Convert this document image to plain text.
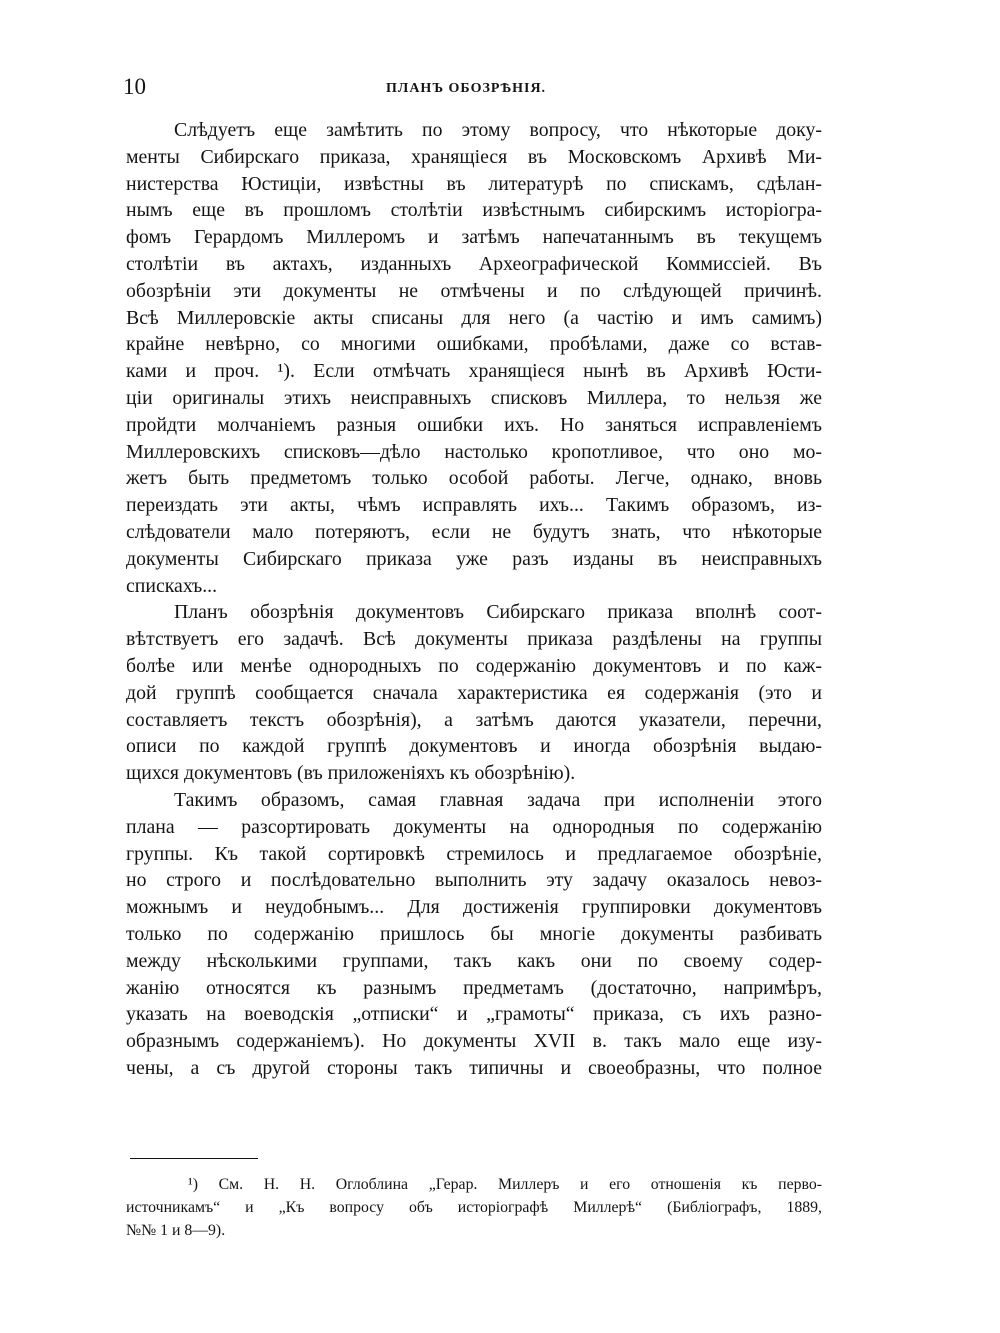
10	ПЛАНЪ ОБОЗРѢНІЯ.
Слѣдуетъ еще замѣтить по этому вопросу, что нѣкоторые доку-
менты Сибирскаго приказа, хранящіеся въ Московскомъ Архивѣ Ми-
нистерства Юстиціи, извѣстны въ литературѣ по спискамъ, сдѣлан-
нымъ еще въ прошломъ столѣтіи извѣстнымъ сибирскимъ исторіогра-
фомъ Герардомъ Миллеромъ и затѣмъ напечатаннымъ въ текущемъ
столѣтіи въ актахъ, изданныхъ Археографической Коммиссіей. Въ
обозрѣніи эти документы не отмѣчены и по слѣдующей причинѣ.
Всѣ Миллеровскіе акты списаны для него (а частію и имъ самимъ)
крайне невѣрно, со многими ошибками, пробѣлами, даже со встав-
ками и проч. ¹). Если отмѣчать хранящіеся нынѣ въ Архивѣ Юсти-
ціи оригиналы этихъ неисправныхъ списковъ Миллера, то нельзя же
пройдти молчаніемъ разныя ошибки ихъ. Но заняться исправленіемъ
Миллеровскихъ списковъ—дѣло настолько кропотливое, что оно мо-
жетъ быть предметомъ только особой работы. Легче, однако, вновь
переиздать эти акты, чѣмъ исправлять ихъ... Такимъ образомъ, из-
слѣдователи мало потеряютъ, если не будутъ знать, что нѣкоторые
документы Сибирскаго приказа уже разъ изданы въ неисправныхъ
спискахъ...
Планъ обозрѣнія документовъ Сибирскаго приказа вполнѣ соот-
вѣтствуетъ его задачѣ. Всѣ документы приказа раздѣлены на группы
болѣе или менѣе однородныхъ по содержанію документовъ и по каж-
дой группѣ сообщается сначала характеристика ея содержанія (это и
составляетъ текстъ обозрѣнія), а затѣмъ даются указатели, перечни,
описи по каждой группѣ документовъ и иногда обозрѣнія выдаю-
щихся документовъ (въ приложеніяхъ къ обозрѣнію).
Такимъ образомъ, самая главная задача при исполненіи этого
плана — разсортировать документы на однородныя по содержанію
группы. Къ такой сортировкѣ стремилось и предлагаемое обозрѣніе,
но строго и послѣдовательно выполнить эту задачу оказалось невоз-
можнымъ и неудобнымъ... Для достиженія группировки документовъ
только по содержанію пришлось бы многіе документы разбивать
между нѣсколькими группами, такъ какъ они по своему содер-
жанію относятся къ разнымъ предметамъ (достаточно, напримѣръ,
указать на воеводскія „отписки“ и „грамоты“ приказа, съ ихъ разно-
образнымъ содержаніемъ). Но документы XVII в. такъ мало еще изу-
чены, а съ другой стороны такъ типичны и своеобразны, что полное
¹) См. Н. Н. Оглоблина „Герар. Миллеръ и его отношенія къ перво-
источникамъ“ и „Къ вопросу объ исторіографѣ Миллерѣ“ (Библіографъ, 1889,
№№ 1 и 8—9).
